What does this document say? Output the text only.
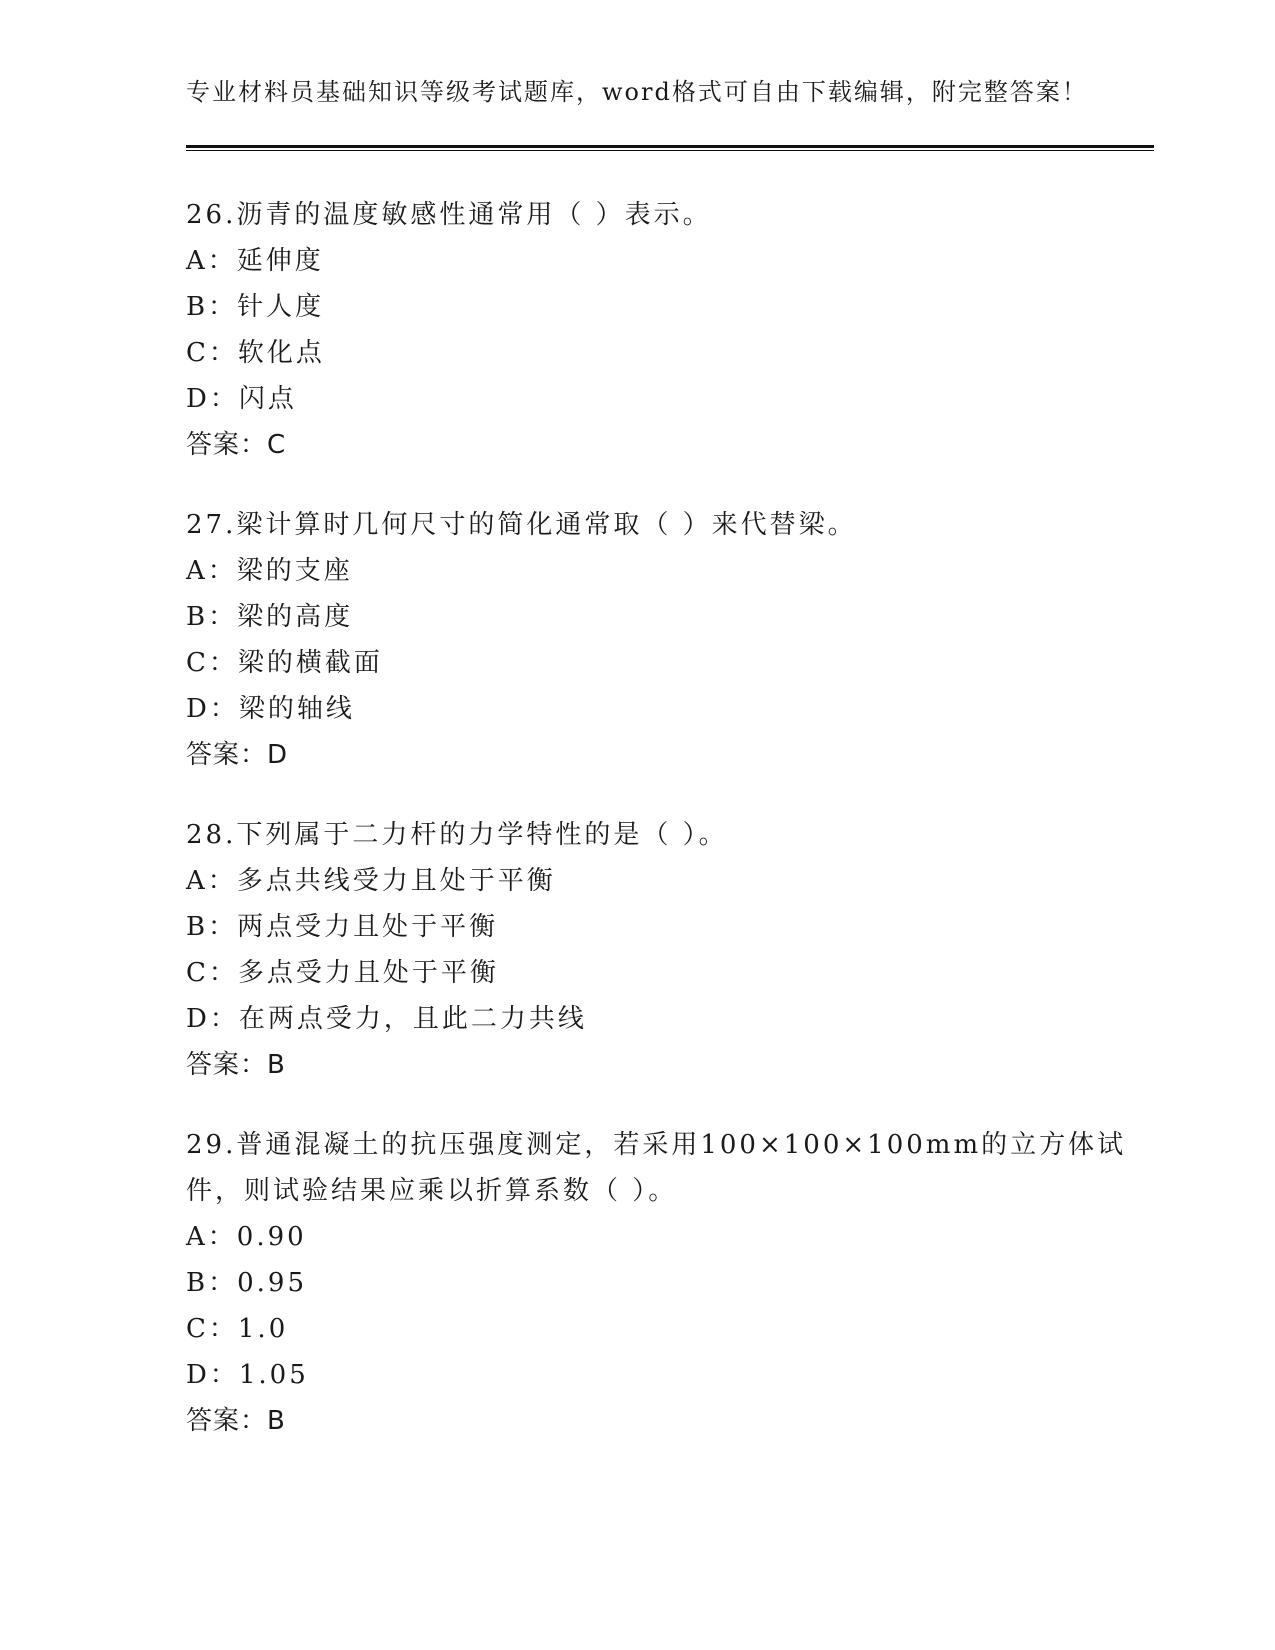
专业材料员基础知识等级考试题库，word格式可自由下载编辑，附完整答案！
26.沥青的温度敏感性通常用（ ）表示。
A：延伸度
B：针人度
C：软化点
D：闪点
答案：C
27.梁计算时几何尺寸的简化通常取（ ）来代替梁。
A：梁的支座
B：梁的高度
C：梁的横截面
D：梁的轴线
答案：D
28.下列属于二力杆的力学特性的是（ ）。
A：多点共线受力且处于平衡
B：两点受力且处于平衡
C：多点受力且处于平衡
D：在两点受力，且此二力共线
答案：B
29.普通混凝土的抗压强度测定，若采用100×100×100mm的立方体试
件，则试验结果应乘以折算系数（ ）。
A：0.90
B：0.95
C：1.0
D：1.05
答案：B
